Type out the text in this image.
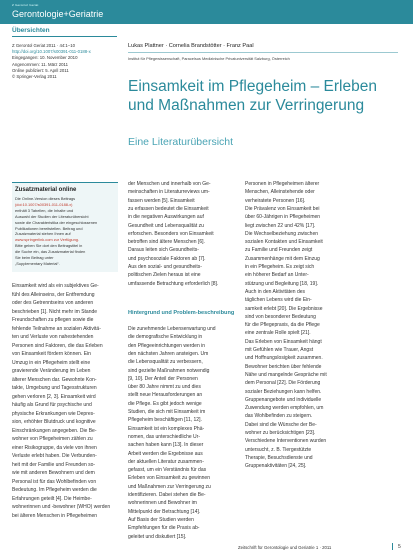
Z Gerontol Geriat
Gerontologie+Geriatrie
Übersichten
Z Gerontol Geriat 2011 · 44:1–10
http://doi.org/10.1007/s00391-011-0188-x
Eingegangen: 10. November 2010
Angenommen: 11. März 2011
Online publiziert: 5. April 2011
© Springer-Verlag 2011
Lukas Plattner · Cornelia Brandstötter · Franz Paal
Institut für Pflegewissenschaft, Paracelsus Medizinische Privatuniversität Salzburg, Österreich
Einsamkeit im Pflegeheim – Erleben und Maßnahmen zur Verringerung
Eine Literaturübersicht
Zusatzmaterial online
Die Online-Version dieses Beitrags
(doi:10.1007/s00391-011-0188-x)
enthält 3 Tabellen, die Inhalte und
Auswahl der Studien der Literaturübersicht
sowie die Charakteristika der eingeschlossenen
Publikationen bereitstellen. Beitrag und
Zusatzmaterial stehen Ihnen auf
www.springerlink.com zur Verfügung.
Bitte geben Sie dort den Beitragstitel in
die Suche ein, das Zusatzmaterial finden
Sie beim Beitrag unter
„Supplementary Material“.
Einsamkeit wird als ein subjektives Ge-
fühl des Alleinseins, der Entfremdung
oder des Getrenntseins von anderen
beschrieben [1]. Nicht mehr im Stande
Freundschaften zu pflegen sowie die
fehlende Teilnahme an sozialen Aktivitä-
ten und Verluste von nahestehenden
Personen sind Faktoren, die das Erleben
von Einsamkeit fördern können. Ein
Umzug in ein Pflegeheim stellt eine
gravierende Veränderung im Leben
älterer Menschen dar. Gewohnte Kon-
takte, Umgebung und Tagesstrukturen
gehen verloren [2, 3]. Einsamkeit wird
häufig als Grund für psychische und
physische Erkrankungen wie Depres-
sion, erhöhter Blutdruck und kognitive
Einschränkungen angegeben. Die Be-
wohner von Pflegeheimen zählen zu
einer Risikogruppe, da viele von ihnen
Verluste erlebt haben. Die Verbunden-
heit mit der Familie und Freunden so-
wie mit anderen Bewohnern und dem
Personal ist für das Wohlbefinden von
Bedeutung. Im Pflegeheim werden die
Erfahrungen geteilt [4]. Die Heimbe-
wohnerinnen und -bewohner (WHO) werden
bei älteren Menschen in Pflegeheimen
der Menschen und innerhalb von Ge-
meinschaften in Literaturreviews um-
fassen werden [5]. Einsamkeit
zu erfassen bedeutet die Einsamkeit
in die negativen Auswirkungen auf
Gesundheit und Lebensqualität zu
erforschen. Besonders von Einsamkeit
betroffen sind ältere Menschen [6].
Daraus leiten sich Gesundheits-
und psychosoziale Faktoren ab [7].
Aus den sozial- und gesundheits-
politischen Zielen heraus ist eine
umfassende Betrachtung erforderlich [8].
Hintergrund und Problem-beschreibung
Die zunehmende Lebenserwartung und
die demografische Entwicklung in
den Pflegeeinrichtungen werden in
den nächsten Jahren ansteigen. Um
die Lebensqualität zu verbessern,
sind gezielte Maßnahmen notwendig
[9, 10]. Der Anteil der Personen
über 80 Jahre nimmt zu und dies
stellt neue Herausforderungen an
die Pflege. Es gibt jedoch wenige
Studien, die sich mit Einsamkeit im
Pflegeheim beschäftigen [11, 12].
Einsamkeit ist ein komplexes Phä-
nomen, das unterschiedliche Ur-
sachen haben kann [13]. In dieser
Arbeit werden die Ergebnisse aus
der aktuellen Literatur zusammen-
gefasst, um ein Verständnis für das
Erleben von Einsamkeit zu gewinnen
und Maßnahmen zur Verringerung zu
identifizieren. Dabei stehen die Be-
wohnerinnen und Bewohner im
Mittelpunkt der Betrachtung [14].
Auf Basis der Studien werden
Empfehlungen für die Praxis ab-
geleitet und diskutiert [15].
Personen in Pflegeheimen älterer
Menschen, Alleinstehende oder
verheiratete Personen [16].
Die Prävalenz von Einsamkeit bei
über 60-Jährigen in Pflegeheimen
liegt zwischen 22 und 42% [17].
Die Wechselbeziehung zwischen
sozialen Kontakten und Einsamkeit
zu Familie und Freunden zeigt
Zusammenhänge mit dem Einzug
in ein Pflegeheim. Es zeigt sich
ein höherer Bedarf an Unter-
stützung und Begleitung [18, 19].
Auch in den Aktivitäten des
täglichen Lebens wird die Ein-
samkeit erlebt [20]. Die Ergebnisse
sind von besonderer Bedeutung
für die Pflegepraxis, da die Pflege
eine zentrale Rolle spielt [21].
Das Erleben von Einsamkeit hängt
mit Gefühlen wie Trauer, Angst
und Hoffnungslosigkeit zusammen.
Bewohner berichten über fehlende
Nähe und mangelnde Gespräche mit
dem Personal [22]. Die Förderung
sozialer Beziehungen kann helfen.
Gruppenangebote und individuelle
Zuwendung werden empfohlen, um
das Wohlbefinden zu steigern.
Dabei sind die Wünsche der Be-
wohner zu berücksichtigen [23].
Verschiedene Interventionen wurden
untersucht, z. B. Tiergestützte
Therapie, Besuchsdienste und
Gruppenaktivitäten [24, 25].
Zeitschrift für Gerontologie und Geriatrie 1 · 2011	5
